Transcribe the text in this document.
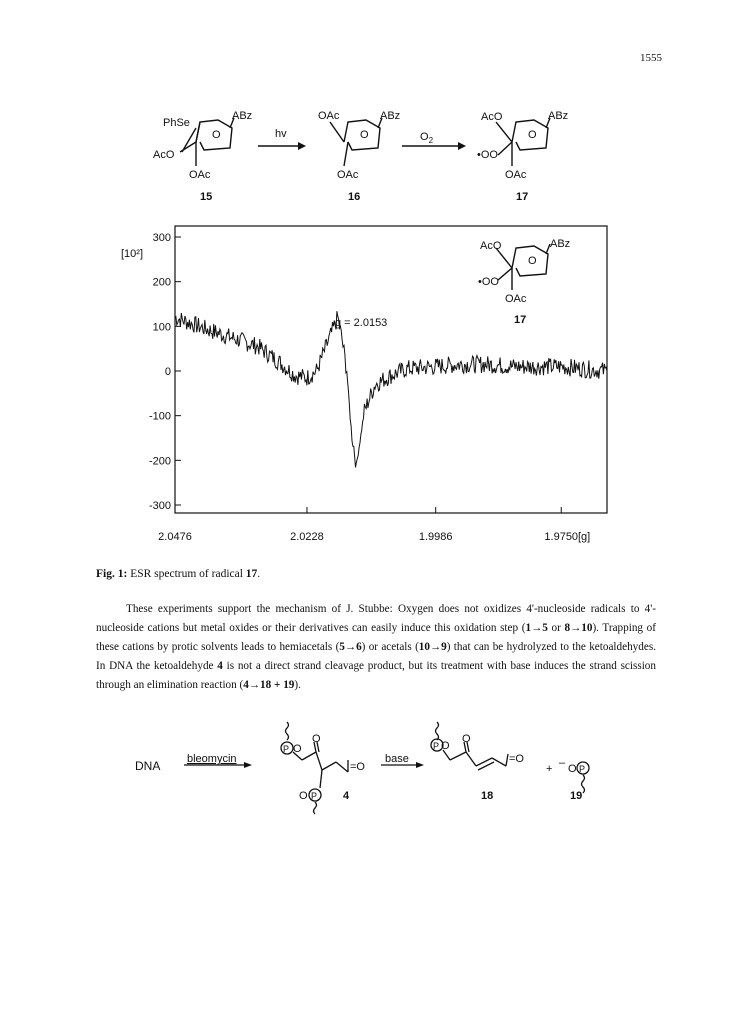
1555
PhSe
ABz
O
AcO
OAc
15
hv
OAc	ABz
O
OAc
16
$O_2$
AcO	ABz
O
•OO
OAc
17
[10²]
[g]
300
200
100
0
-100
-200
-300
2.0476	2.0228	1.9986	1.9750
g = 2.0153
AcO	ABz
O
•OO
OAc
17
Fig. 1: ESR spectrum of radical 17.
These experiments support the mechanism of J. Stubbe: Oxygen does not oxidizes 4'-nucleoside radicals to 4'-nucleoside cations but metal oxides or their derivatives can easily induce this oxidation step (1→5 or 8→10). Trapping of these cations by protic solvents leads to hemiacetals (5→6) or acetals (10→9) that can be hydrolyzed to the ketoaldehydes. In DNA the ketoaldehyde 4 is not a direct strand cleavage product, but its treatment with base induces the strand scission through an elimination reaction (4→18 + 19).
DNA bleomycin
P O
O
=O
O P 4
base
P O
O
=O
+
18
– O P
19
